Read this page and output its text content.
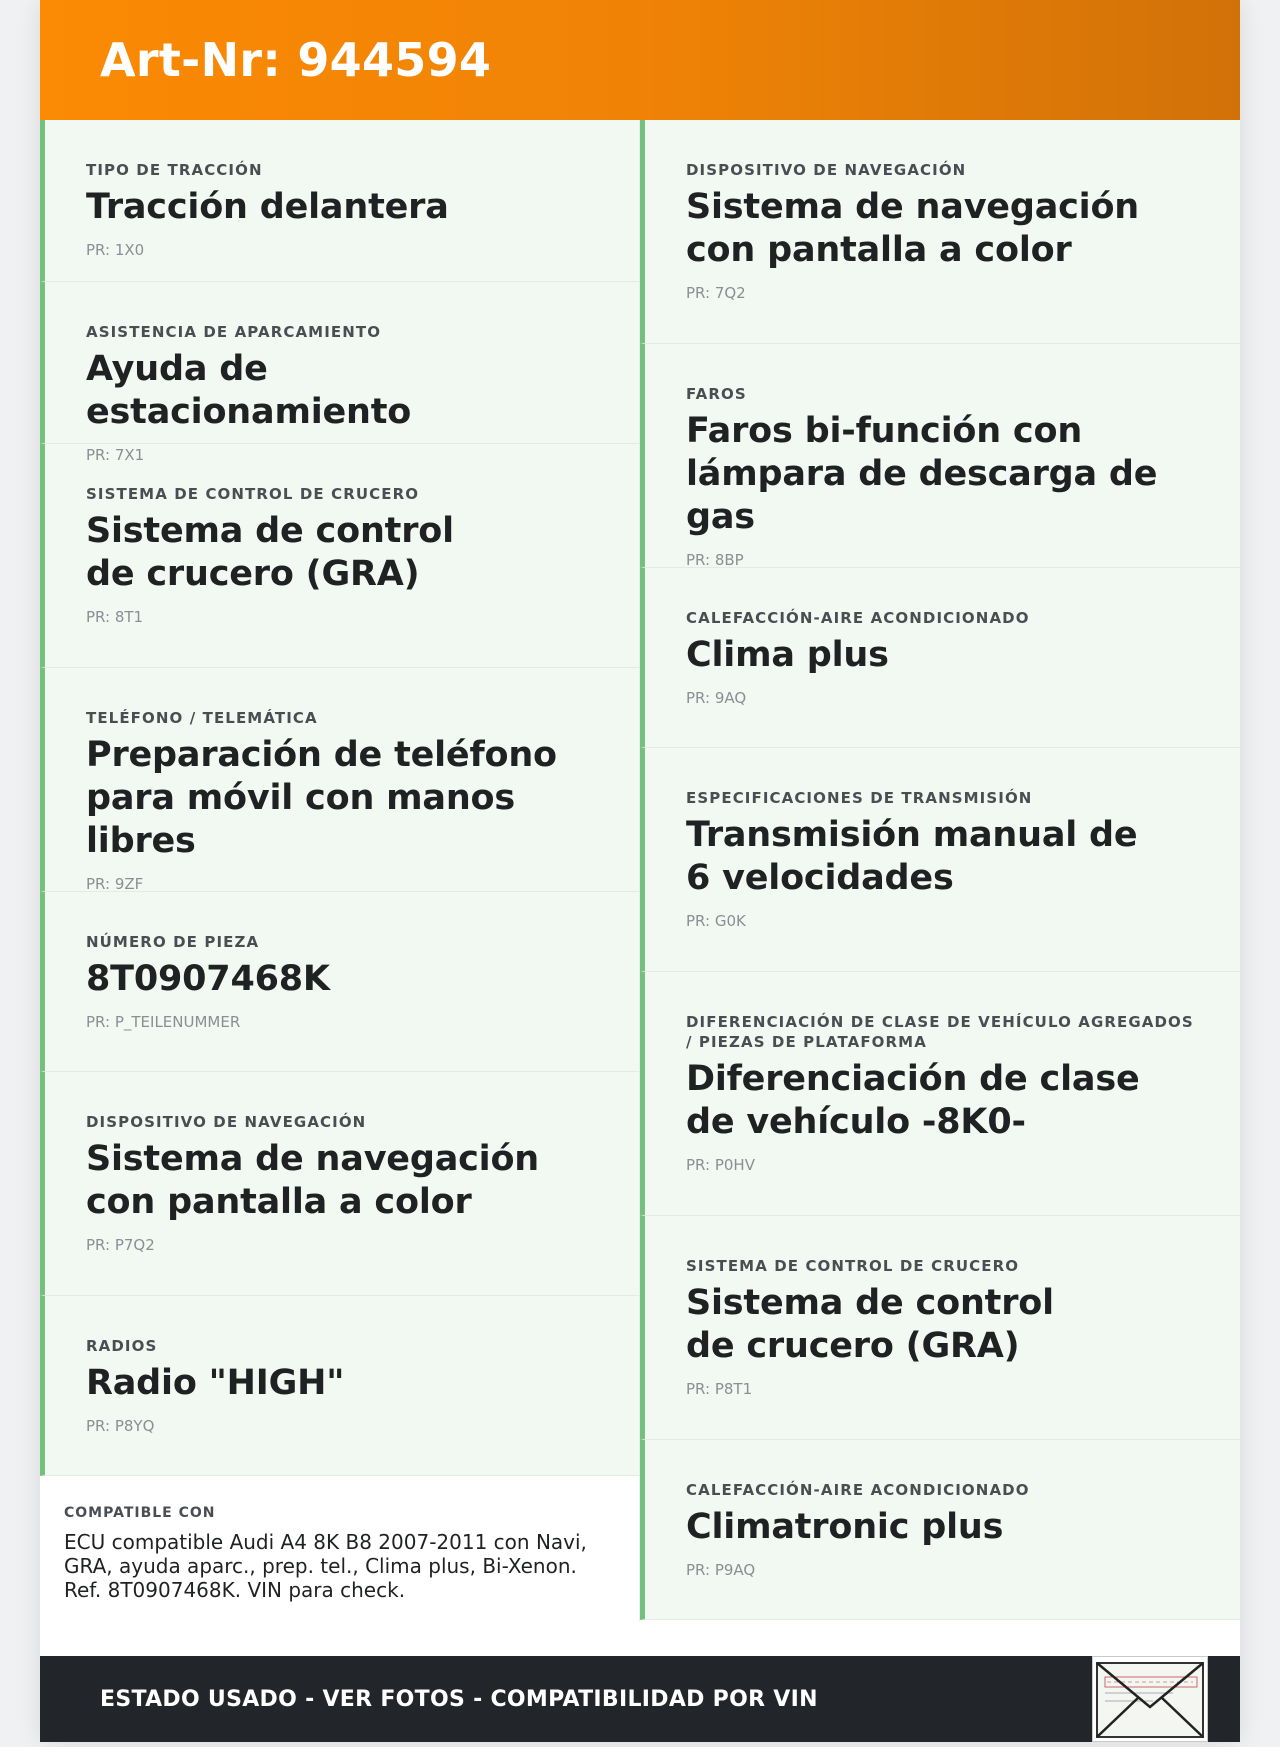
Art-Nr: 944594
TIPO DE TRACCIÓN
Tracción delantera
PR: 1X0
ASISTENCIA DE APARCAMIENTO
Ayuda de estacionamiento
PR: 7X1
SISTEMA DE CONTROL DE CRUCERO
Sistema de control de crucero (GRA)
PR: 8T1
TELÉFONO / TELEMÁTICA
Preparación de teléfono para móvil con manos libres
PR: 9ZF
NÚMERO DE PIEZA
8T0907468K
PR: P_TEILENUMMER
DISPOSITIVO DE NAVEGACIÓN
Sistema de navegación con pantalla a color
PR: P7Q2
RADIOS
Radio "HIGH"
PR: P8YQ
COMPATIBLE CON
ECU compatible Audi A4 8K B8 2007-2011 con Navi, GRA, ayuda aparc., prep. tel., Clima plus, Bi-Xenon. Ref. 8T0907468K. VIN para check.
DISPOSITIVO DE NAVEGACIÓN
Sistema de navegación con pantalla a color
PR: 7Q2
FAROS
Faros bi-función con lámpara de descarga de gas
PR: 8BP
CALEFACCIÓN-AIRE ACONDICIONADO
Clima plus
PR: 9AQ
ESPECIFICACIONES DE TRANSMISIÓN
Transmisión manual de 6 velocidades
PR: G0K
DIFERENCIACIÓN DE CLASE DE VEHÍCULO AGREGADOS / PIEZAS DE PLATAFORMA
Diferenciación de clase de vehículo -8K0-
PR: P0HV
SISTEMA DE CONTROL DE CRUCERO
Sistema de control de crucero (GRA)
PR: P8T1
CALEFACCIÓN-AIRE ACONDICIONADO
Climatronic plus
PR: P9AQ
ESTADO USADO - VER FOTOS - COMPATIBILIDAD POR VIN
